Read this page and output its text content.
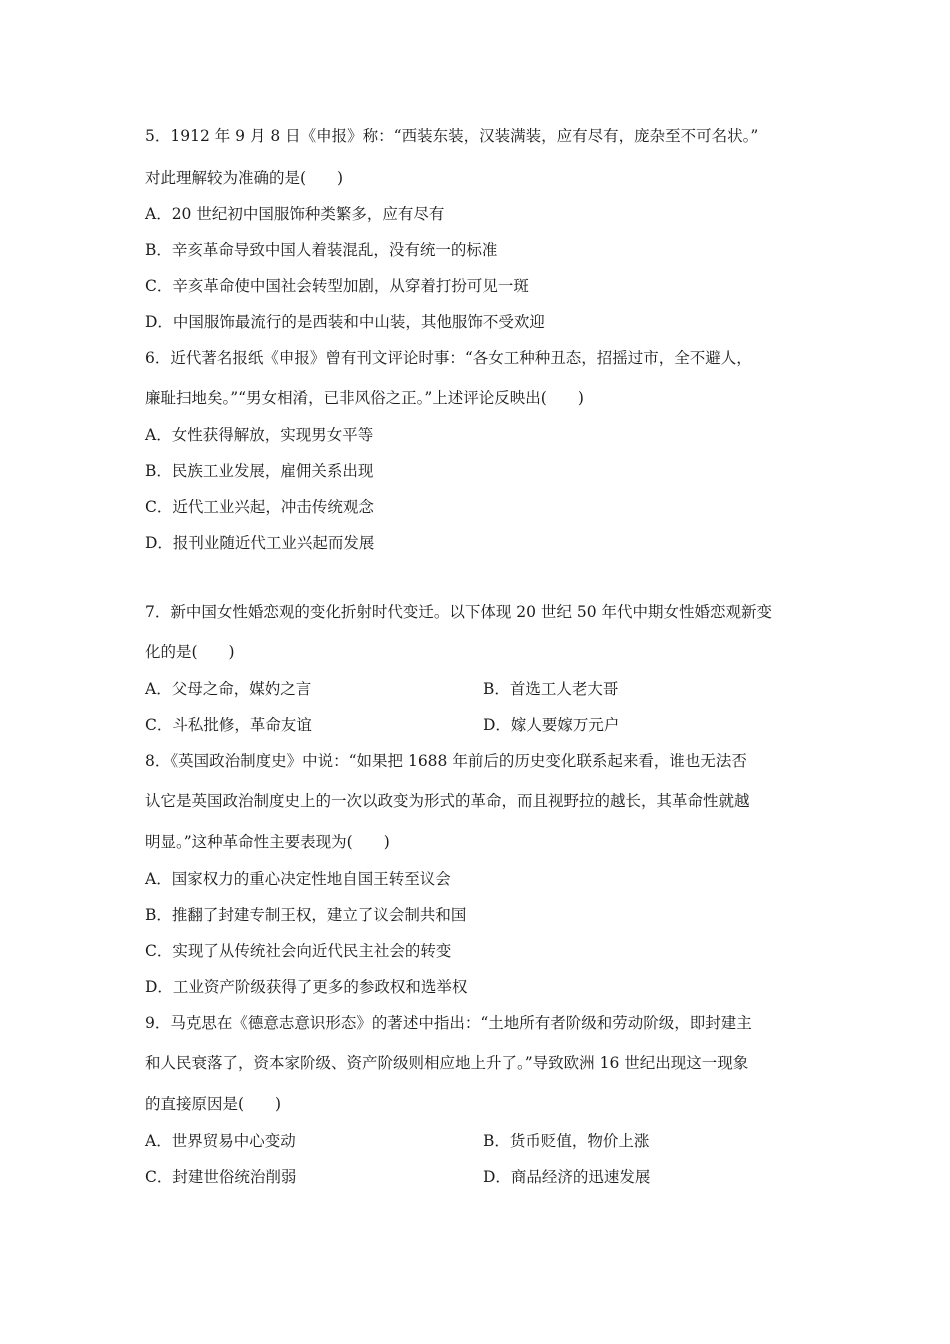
5．1912 年 9 月 8 日《申报》称：“西装东装，汉装满装，应有尽有，庞杂至不可名状。”
对此理解较为准确的是(　　)
A．20 世纪初中国服饰种类繁多，应有尽有
B．辛亥革命导致中国人着装混乱，没有统一的标准
C．辛亥革命使中国社会转型加剧，从穿着打扮可见一斑
D．中国服饰最流行的是西装和中山装，其他服饰不受欢迎
6．近代著名报纸《申报》曾有刊文评论时事：“各女工种种丑态，招摇过市，全不避人，
廉耻扫地矣。”“男女相淆，已非风俗之正。”上述评论反映出(　　)
A．女性获得解放，实现男女平等
B．民族工业发展，雇佣关系出现
C．近代工业兴起，冲击传统观念
D．报刊业随近代工业兴起而发展
7．新中国女性婚恋观的变化折射时代变迁。以下体现 20 世纪 50 年代中期女性婚恋观新变
化的是(　　)
A．父母之命，媒妁之言	B．首选工人老大哥
C．斗私批修，革命友谊	D．嫁人要嫁万元户
8．《英国政治制度史》中说：“如果把 1688 年前后的历史变化联系起来看，谁也无法否
认它是英国政治制度史上的一次以政变为形式的革命，而且视野拉的越长，其革命性就越
明显。”这种革命性主要表现为(　　)
A．国家权力的重心决定性地自国王转至议会
B．推翻了封建专制王权，建立了议会制共和国
C．实现了从传统社会向近代民主社会的转变
D．工业资产阶级获得了更多的参政权和选举权
9．马克思在《德意志意识形态》的著述中指出：“土地所有者阶级和劳动阶级，即封建主
和人民衰落了，资本家阶级、资产阶级则相应地上升了。”导致欧洲 16 世纪出现这一现象
的直接原因是(　　)
A．世界贸易中心变动	B．货币贬值，物价上涨
C．封建世俗统治削弱	D．商品经济的迅速发展
